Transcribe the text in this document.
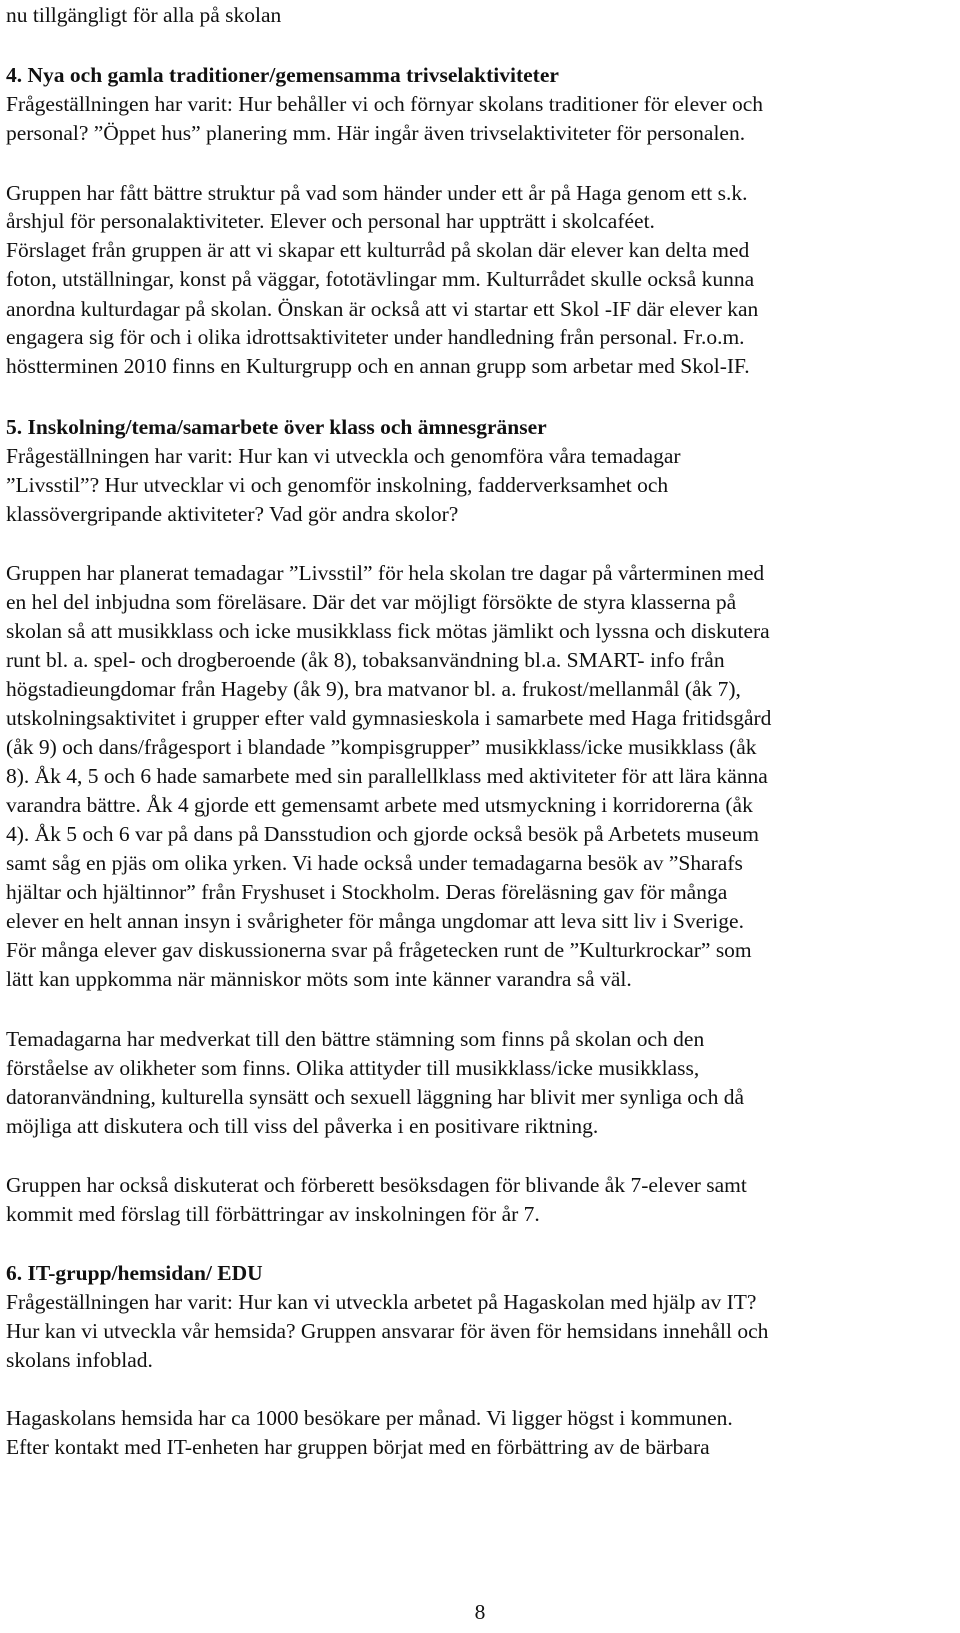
nu tillgängligt för alla på skolan
4. Nya och gamla traditioner/gemensamma trivselaktiviteter
Frågeställningen har varit: Hur behåller vi och förnyar skolans traditioner för elever och
personal? ”Öppet hus” planering mm. Här ingår även trivselaktiviteter för personalen.
Gruppen har fått bättre struktur på vad som händer under ett år på Haga genom ett s.k.
årshjul för personalaktiviteter. Elever och personal har uppträtt i skolcaféet.
Förslaget från gruppen är att vi skapar ett kulturråd på skolan där elever kan delta med
foton, utställningar, konst på väggar, fototävlingar mm. Kulturrådet skulle också kunna
anordna kulturdagar på skolan. Önskan är också att vi startar ett Skol -IF där elever kan
engagera sig för och i olika idrottsaktiviteter under handledning från personal. Fr.o.m.
höstterminen 2010 finns en Kulturgrupp och en annan grupp som arbetar med Skol-IF.
5. Inskolning/tema/samarbete över klass och ämnesgränser
Frågeställningen har varit: Hur kan vi utveckla och genomföra våra temadagar
”Livsstil”? Hur utvecklar vi och genomför inskolning, fadderverksamhet och
klassövergripande aktiviteter? Vad gör andra skolor?
Gruppen har planerat temadagar ”Livsstil” för hela skolan tre dagar på vårterminen med
en hel del inbjudna som föreläsare. Där det var möjligt försökte de styra klasserna på
skolan så att musikklass och icke musikklass fick mötas jämlikt och lyssna och diskutera
runt bl. a. spel- och drogberoende (åk 8), tobaksanvändning bl.a. SMART- info från
högstadieungdomar från Hageby (åk 9), bra matvanor bl. a. frukost/mellanmål (åk 7),
utskolningsaktivitet i grupper efter vald gymnasieskola i samarbete med Haga fritidsgård
(åk 9) och dans/frågesport i blandade ”kompisgrupper” musikklass/icke musikklass (åk
8). Åk 4, 5 och 6 hade samarbete med sin parallellklass med aktiviteter för att lära känna
varandra bättre. Åk 4 gjorde ett gemensamt arbete med utsmyckning i korridorerna (åk
4). Åk 5 och 6 var på dans på Dansstudion och gjorde också besök på Arbetets museum
samt såg en pjäs om olika yrken. Vi hade också under temadagarna besök av ”Sharafs
hjältar och hjältinnor” från Fryshuset i Stockholm. Deras föreläsning gav för många
elever en helt annan insyn i svårigheter för många ungdomar att leva sitt liv i Sverige.
För många elever gav diskussionerna svar på frågetecken runt de ”Kulturkrockar” som
lätt kan uppkomma när människor möts som inte känner varandra så väl.
Temadagarna har medverkat till den bättre stämning som finns på skolan och den
förståelse av olikheter som finns. Olika attityder till musikklass/icke musikklass,
datoranvändning, kulturella synsätt och sexuell läggning har blivit mer synliga och då
möjliga att diskutera och till viss del påverka i en positivare riktning.
Gruppen har också diskuterat och förberett besöksdagen för blivande åk 7-elever samt
kommit med förslag till förbättringar av inskolningen för år 7.
6. IT-grupp/hemsidan/ EDU
Frågeställningen har varit: Hur kan vi utveckla arbetet på Hagaskolan med hjälp av IT?
Hur kan vi utveckla vår hemsida? Gruppen ansvarar för även för hemsidans innehåll och
skolans infoblad.
Hagaskolans hemsida har ca 1000 besökare per månad. Vi ligger högst i kommunen.
Efter kontakt med IT-enheten har gruppen börjat med en förbättring av de bärbara
8
